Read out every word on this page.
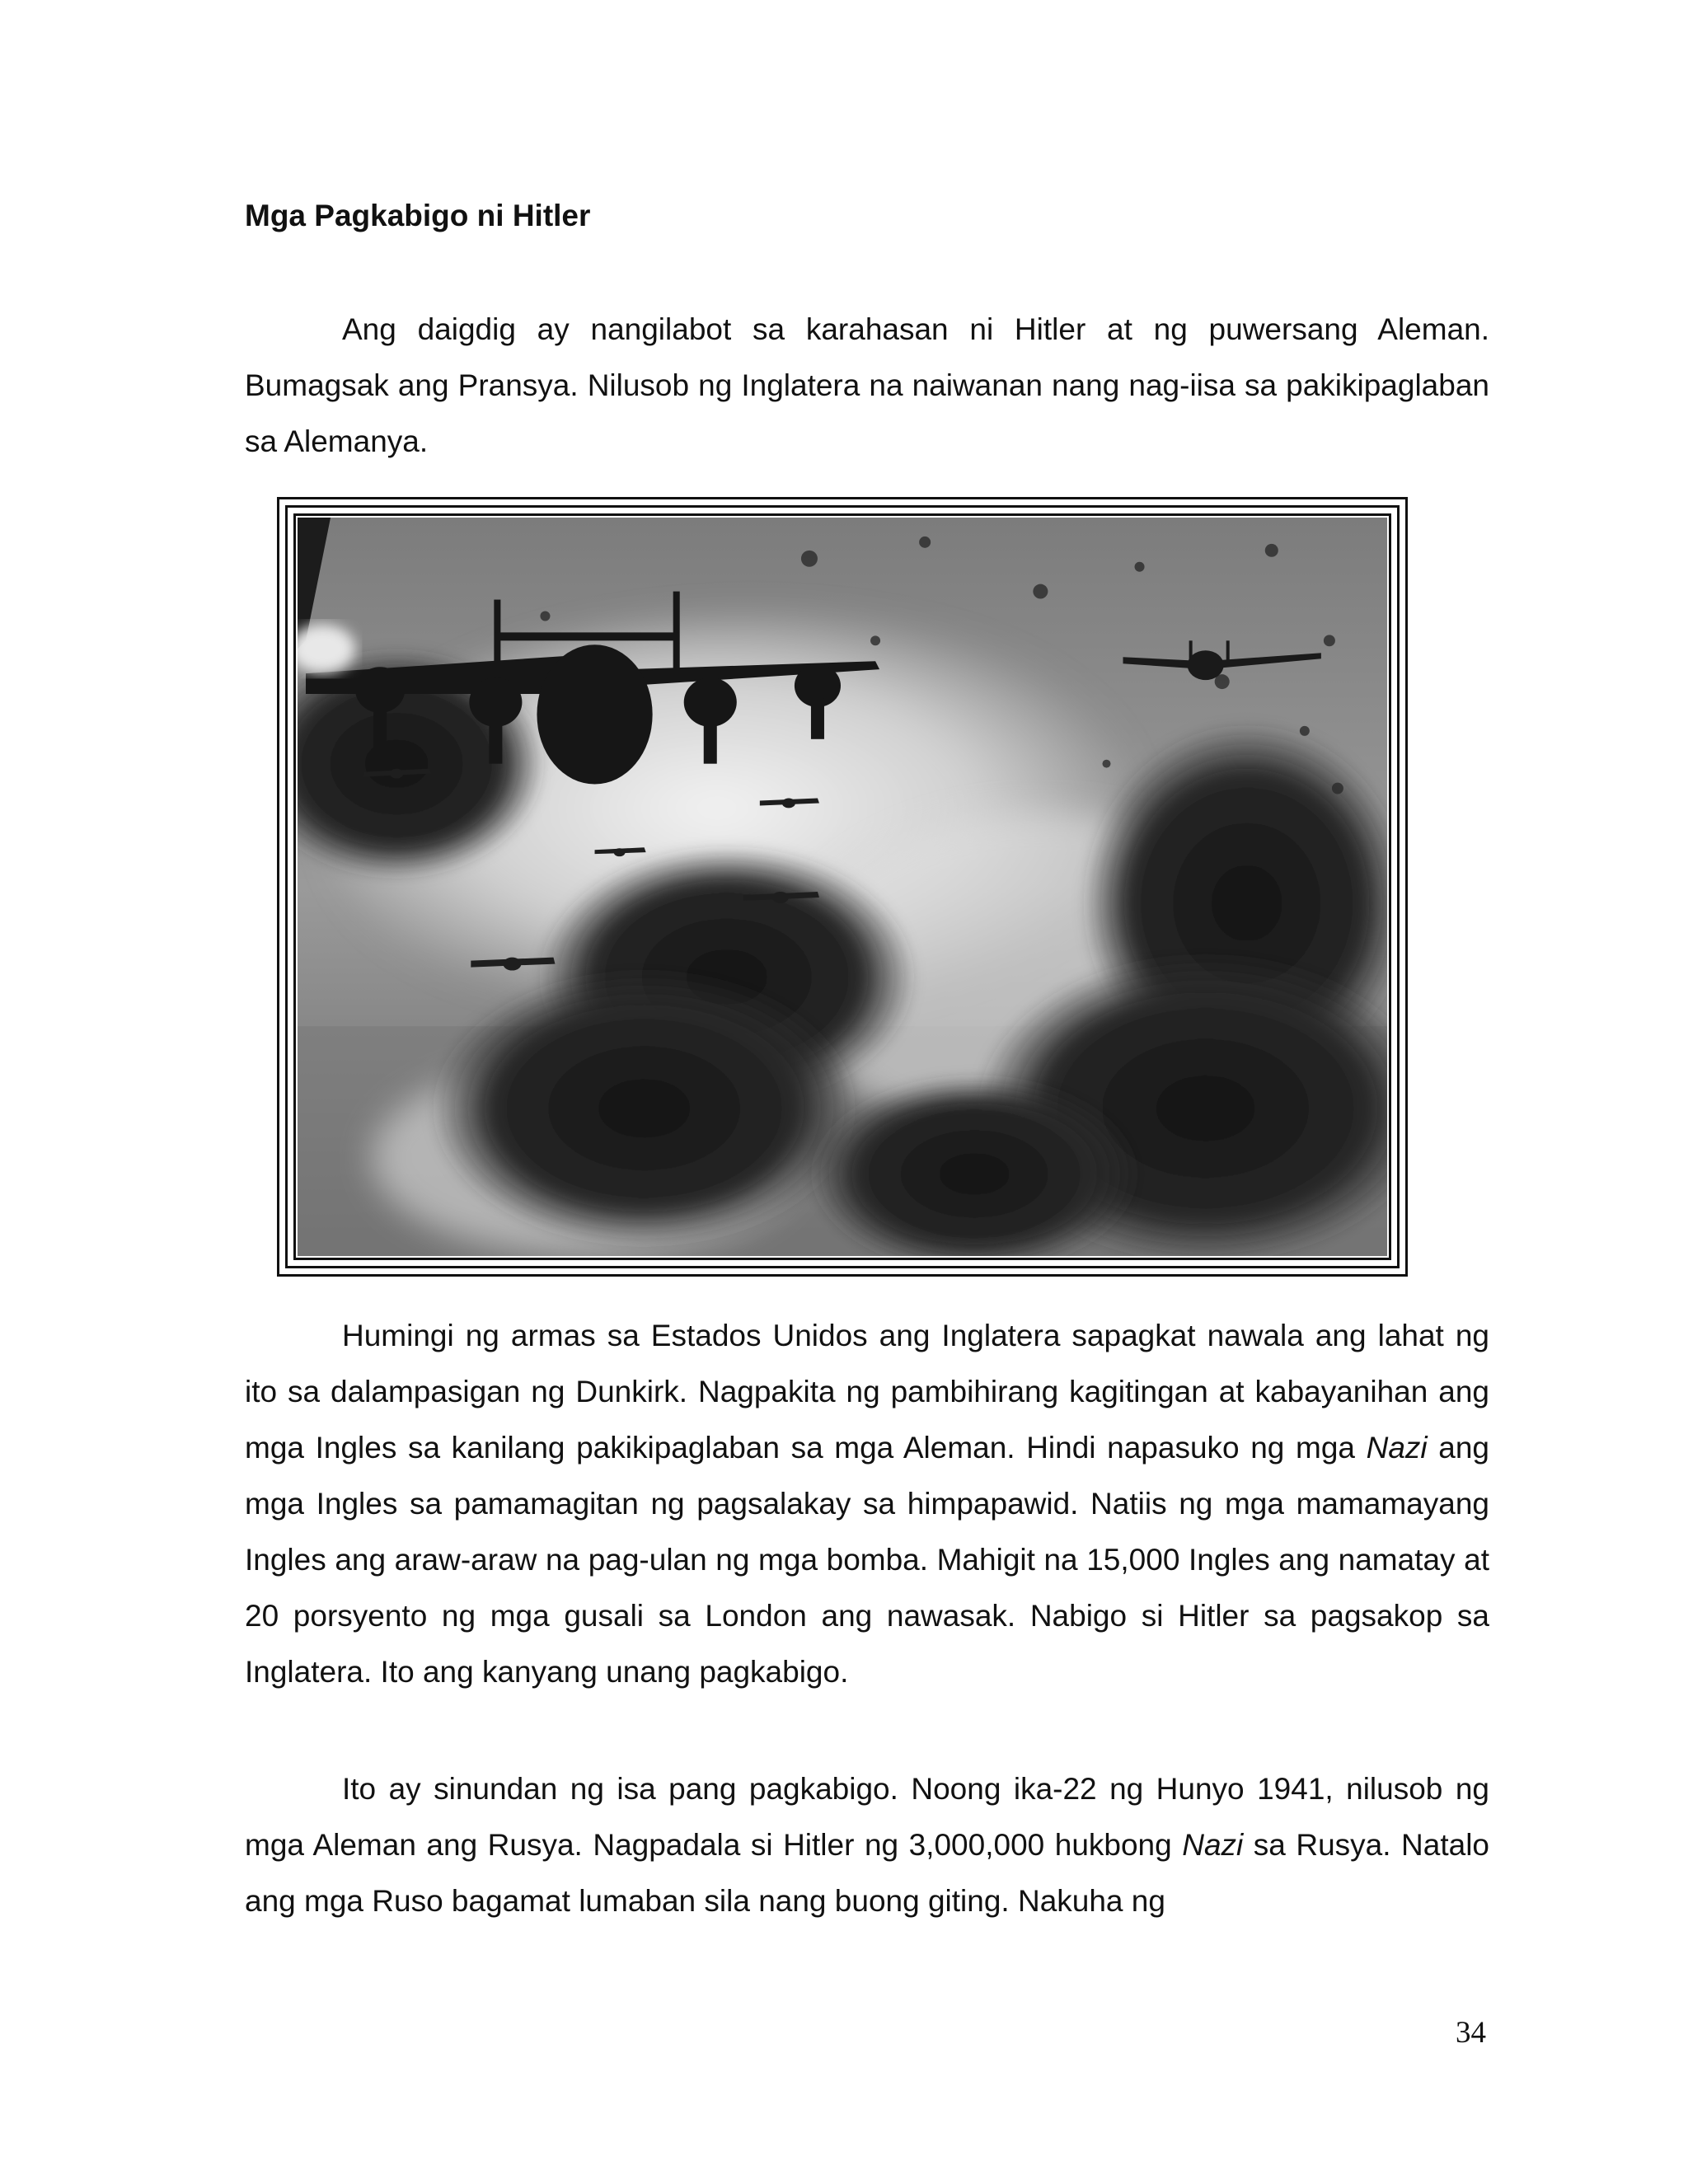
Mga Pagkabigo ni Hitler

Ang daigdig ay nangilabot sa karahasan ni Hitler at ng puwersang Aleman. Bumagsak ang Pransya. Nilusob ng Inglatera na naiwanan nang nag-iisa sa pakikipaglaban sa Alemanya.

Humingi ng armas sa Estados Unidos ang Inglatera sapagkat nawala ang lahat ng ito sa dalampasigan ng Dunkirk. Nagpakita ng pambihirang kagitingan at kabayanihan ang mga Ingles sa kanilang pakikipaglaban sa mga Aleman. Hindi napasuko ng mga Nazi ang mga Ingles sa pamamagitan ng pagsalakay sa himpapawid. Natiis ng mga mamamayang Ingles ang araw-araw na pag-ulan ng mga bomba. Mahigit na 15,000 Ingles ang namatay at 20 porsyento ng mga gusali sa London ang nawasak. Nabigo si Hitler sa pagsakop sa Inglatera. Ito ang kanyang unang pagkabigo.

Ito ay sinundan ng isa pang pagkabigo. Noong ika-22 ng Hunyo 1941, nilusob ng mga Aleman ang Rusya. Nagpadala si Hitler ng 3,000,000 hukbong Nazi sa Rusya. Natalo ang mga Ruso bagamat lumaban sila nang buong giting. Nakuha ng

34
